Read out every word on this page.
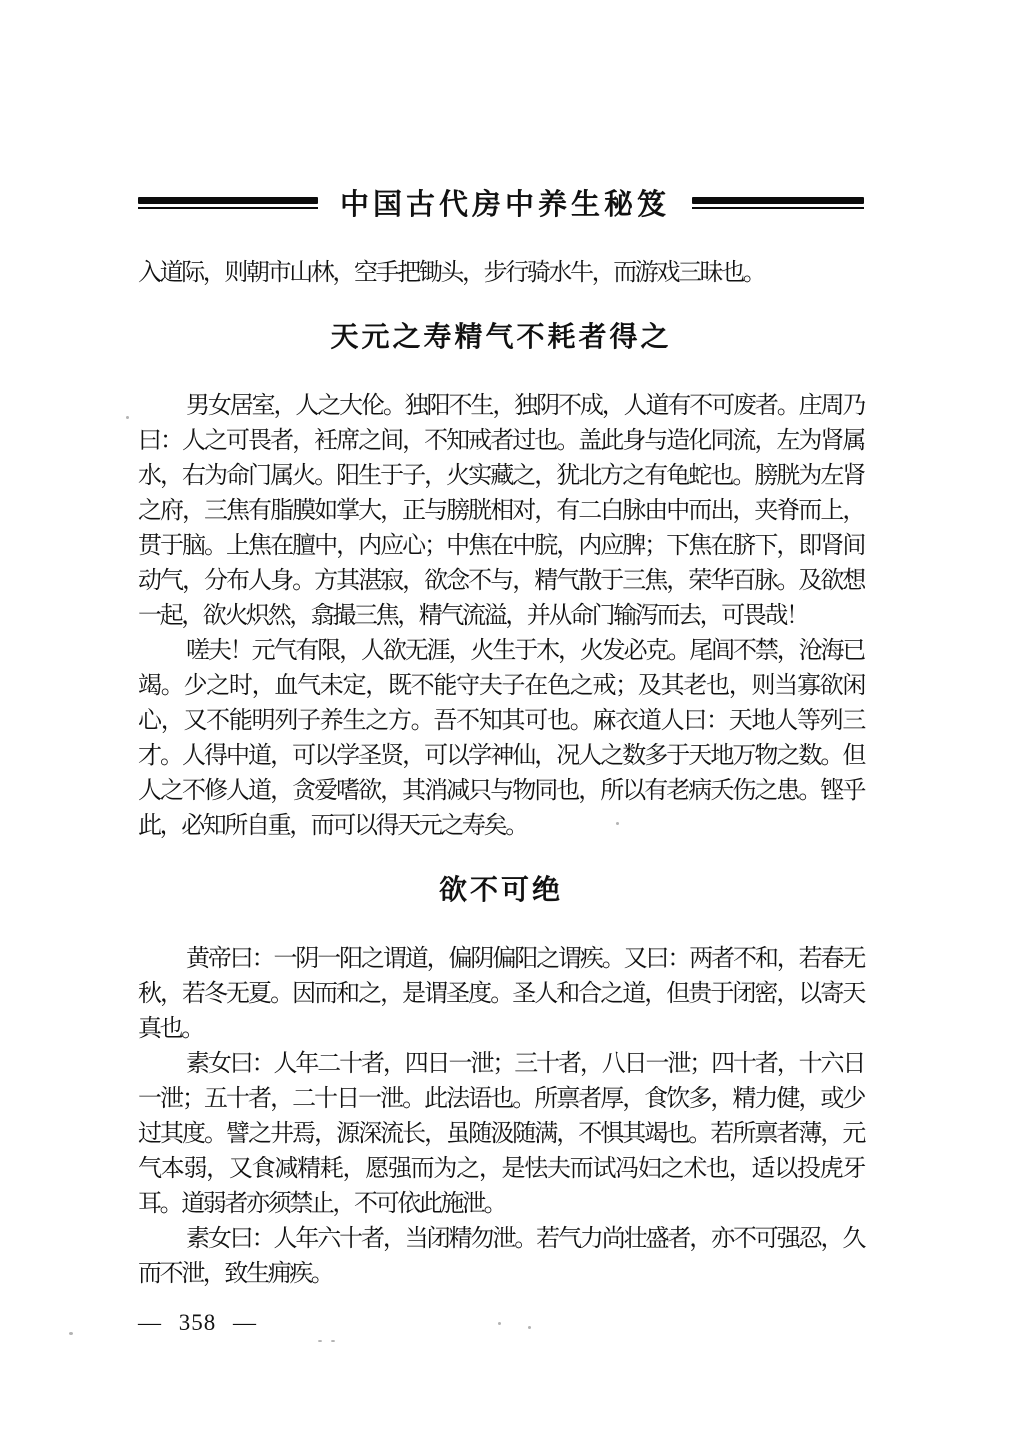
中国古代房中养生秘笈

入道际，则朝市山林，空手把锄头，步行骑水牛，而游戏三昧也。

天元之寿精气不耗者得之

男女居室，人之大伦。独阳不生，独阴不成，人道有不可废者。庄周乃曰：人之可畏者，衽席之间，不知戒者过也。盖此身与造化同流，左为肾属水，右为命门属火。阳生于子，火实藏之，犹北方之有龟蛇也。膀胱为左肾之府，三焦有脂膜如掌大，正与膀胱相对，有二白脉由中而出，夹脊而上，贯于脑。上焦在膻中，内应心；中焦在中脘，内应脾；下焦在脐下，即肾间动气，分布人身。方其湛寂，欲念不与，精气散于三焦，荣华百脉。及欲想一起，欲火炽然，翕撮三焦，精气流溢，并从命门输泻而去，可畏哉！

嗟夫！元气有限，人欲无涯，火生于木，火发必克。尾闾不禁，沧海已竭。少之时，血气未定，既不能守夫子在色之戒；及其老也，则当寡欲闲心，又不能明列子养生之方。吾不知其可也。麻衣道人曰：天地人等列三才。人得中道，可以学圣贤，可以学神仙，况人之数多于天地万物之数。但人之不修人道，贪爱嗜欲，其消减只与物同也，所以有老病夭伤之患。铿乎此，必知所自重，而可以得天元之寿矣。

欲不可绝

黄帝曰：一阴一阳之谓道，偏阴偏阳之谓疾。又曰：两者不和，若春无秋，若冬无夏。因而和之，是谓圣度。圣人和合之道，但贵于闭密，以寄天真也。

素女曰：人年二十者，四日一泄；三十者，八日一泄；四十者，十六日一泄；五十者，二十日一泄。此法语也。所禀者厚，食饮多，精力健，或少过其度。譬之井焉，源深流长，虽随汲随满，不惧其竭也。若所禀者薄，元气本弱，又食减精耗，愿强而为之，是怯夫而试冯妇之术也，适以投虎牙耳。道弱者亦须禁止，不可依此施泄。

素女曰：人年六十者，当闭精勿泄。若气力尚壮盛者，亦不可强忍，久而不泄，致生痈疾。

— 358 —
